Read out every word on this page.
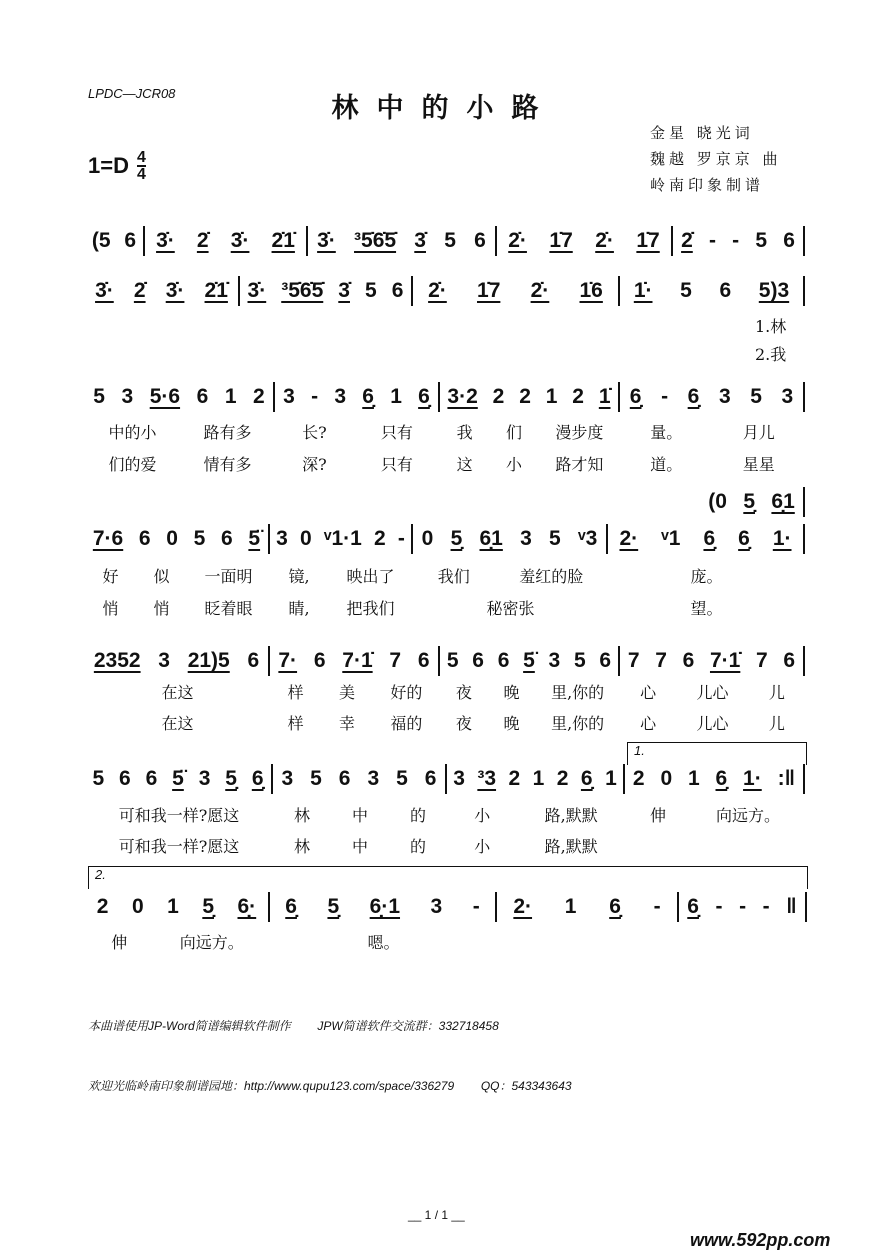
LPDC—JCR08	林中的小路
金星 晓光词
魏越 罗京京 曲
岭南印象制谱
1=D 4
4
(5 6 3̇· 2̇ 3̇· 2̇1̇ 3̇· ³5̇6̇5̇ 3̇ 5 6 2̇· 1̇7 2̇· 1̇7 2̇ - - 5 6
3̇· 2̇ 3̇· 2̇1̇ 3̇· ³5̇6̇5̇ 3̇ 5 6 2̇· 1̇7 2̇· 1̇6 1̇· 5 6 5)3
5 3 5·6 6 1 2 3 - 3 6̣ 1 6̣ 3·2 2 2 1 2 1̇ 6̣ - 6̣ 3 5 3
中的小	路有多	长?	只有	我 们 漫步度	量。	月儿
们的爱	情有多	深?	只有	这 小 路才知	道。	星星
(0 5̣ 6̣1
7·6 6 0 5 6 5̈ 3 0 ᵛ1·1 2 - 0 5̣ 6̣1 3 5 ᵛ3 2· ᵛ1 6̣ 6̣ 1·
好 似 一面明 镜, 映出了	我们	羞红的脸	庞。
悄 悄 眨着眼 睛, 把我们	秘密张	望。
2352 3 21)5 6 7· 6 7·1̇ 7 6 5 6 6 5̈ 3 5 6 7 7 6 7·1̇ 7 6
在这	样 美 好的 夜 晚 里,你的 心	儿心	儿
在这	样 幸 福的 夜 晚 里,你的 心	儿心	儿
5 6 6 5̈ 3 5̣ 6̣ 3 5 6 3 5 6 3 ³3 2 1 2 6̣ 1 2 0 1 6̣ 1· :‖
可和我一样?愿这	林	中	的	小	路,默默	伸	向远方。
可和我一样?愿这	林	中	的	小	路,默默
2 0 1 5̣ 6̣· 6̣ 5̣ 6̣·1 3 - 2· 1 6̣ - 6̣ - - - ‖
伸	向远方。	嗯。
1.林
2.我
1.
2.

本曲谱使用JP-Word简谱编辑软件制作        JPW简谱软件交流群：332718458

欢迎光临岭南印象制谱园地：http://www.qupu123.com/space/336279        QQ：543343643

__ 1 / 1 __
www.592pp.com
